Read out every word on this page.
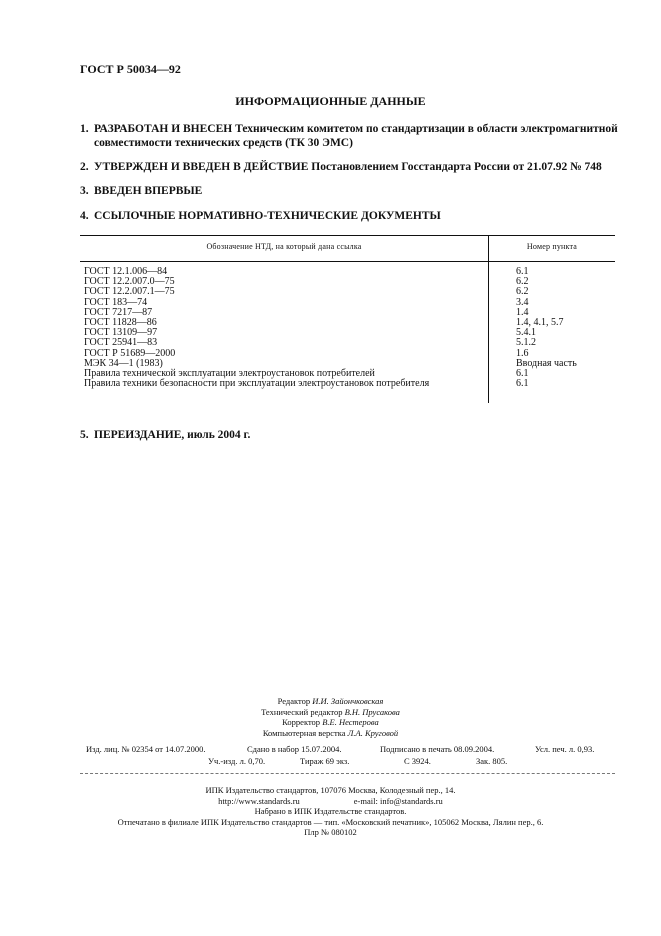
ГОСТ Р 50034—92
ИНФОРМАЦИОННЫЕ ДАННЫЕ
1. РАЗРАБОТАН И ВНЕСЕН Техническим комитетом по стандартизации в области электромагнитной совместимости технических средств (ТК 30 ЭМС)
2. УТВЕРЖДЕН И ВВЕДЕН В ДЕЙСТВИЕ Постановлением Госстандарта России от 21.07.92 № 748
3. ВВЕДЕН ВПЕРВЫЕ
4. ССЫЛОЧНЫЕ НОРМАТИВНО-ТЕХНИЧЕСКИЕ ДОКУМЕНТЫ
Обозначение НТД, на который дана ссылка	Номер пункта
ГОСТ 12.1.006—84	6.1
ГОСТ 12.2.007.0—75	6.2
ГОСТ 12.2.007.1—75	6.2
ГОСТ 183—74	3.4
ГОСТ 7217—87	1.4
ГОСТ 11828—86	1.4, 4.1, 5.7
ГОСТ 13109—97	5.4.1
ГОСТ 25941—83	5.1.2
ГОСТ Р 51689—2000	1.6
МЭК 34—1 (1983)	Вводная часть
Правила технической эксплуатации электроустановок потребителей	6.1
Правила техники безопасности при эксплуатации электроустановок потребителя	6.1
5. ПЕРЕИЗДАНИЕ, июль 2004 г.
Редактор И.И. Зайончковская
Технический редактор В.Н. Прусакова
Корректор В.Е. Нестерова
Компьютерная верстка Л.А. Круговой
Изд. лиц. № 02354 от 14.07.2000.	Сдано в набор 15.07.2004.	Подписано в печать 08.09.2004.	Усл. печ. л. 0,93.
Уч.-изд. л. 0,70.	Тираж 69 экз.	С 3924.	Зак. 805.
ИПК Издательство стандартов, 107076 Москва, Колодезный пер., 14.
http://www.standards.ru	e-mail: info@standards.ru
Набрано в ИПК Издательстве стандартов.
Отпечатано в филиале ИПК Издательство стандартов — тип. «Московский печатник», 105062 Москва, Лялин пер., 6.
Плр № 080102
